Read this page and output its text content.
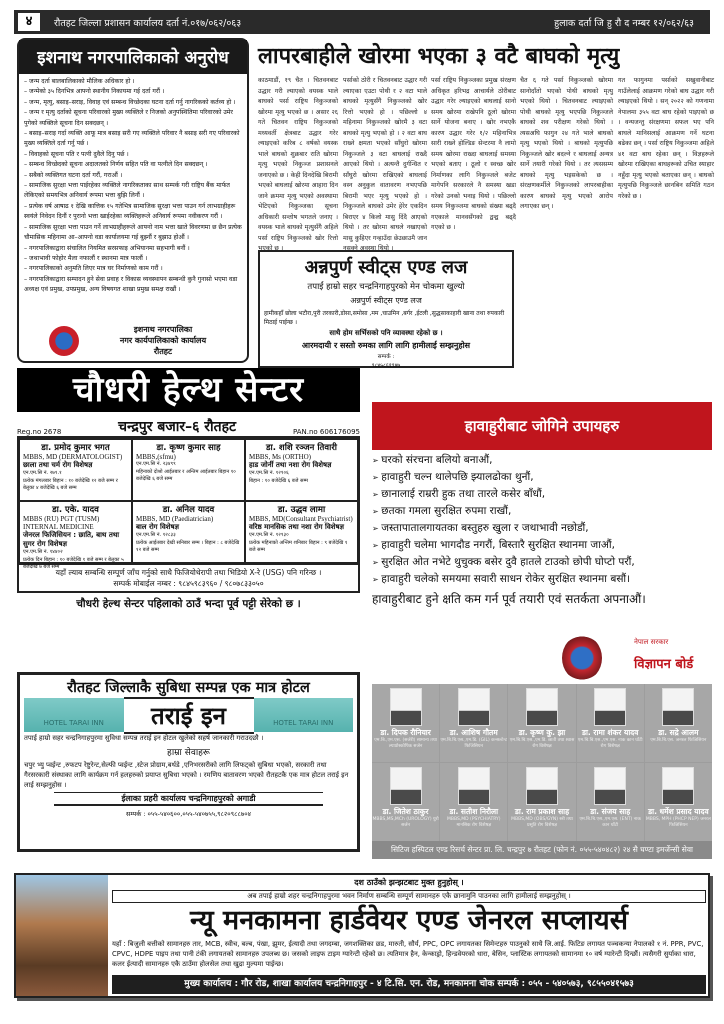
४	रौतहट जिल्ला प्रशासन कार्यालय दर्ता नं.०१७/०६२/०६३	हुलाक दर्ता जि हु रौ द नम्बर १२/०६२/६३
इशनाथ नगरपालिकाको अनुरोध
– जन्म दर्ता बालबालिकाको मौलिक अधिकार हो ।
– जन्मेको ३५ दिनभित्र आफ्नो स्थानीय निकायमा गई दर्ता गरौं ।
– जन्म, मृत्यु, बसाइ–सराइ, विवाह एवं सम्बन्ध विच्छेदका घटना दर्ता गर्नु नागरिकको कर्तव्य हो ।
– जन्म र मृत्यु दर्ताको सूचना परिवारको मुख्य व्यक्तिले र निजको अनुपस्थितिमा परिवारको उमेर पुगेको व्यक्तिले सूचना दिन सक्दछन् ।
– बसाइ–सराइ गर्दा व्यक्ति आफू मात्र बसाइ सरी गए व्यक्तिले परिवार नै बसाइ सरी गए परिवारको मुख्य व्यक्तिले दर्ता गर्नु पर्छ ।
– विवाहको सूचना पति र पत्नी दुवैले दिनु पर्छ ।
– सम्बन्ध विच्छेदको सूचना अदालतको निर्णय सहित पति वा पत्नीले दिन सक्दछन् ।
– सबैको व्यक्तिगत घटना दर्ता गरौं, गराऔं ।
– सामाजिक सुरक्षा भत्ता पाईरहेका व्यक्तिले नागरिकताका साथ सम्पर्क गरी राष्ट्रिय बैंक मार्फत लेकिएको समयभित्र अनिवार्य रूपमा भत्ता बुझि लिनौं ।
– प्रत्येक वर्ष आषाढ १ देखि कात्तिक १५ गतेभित्र सामाजिक सुरक्षा भत्ता पाउन गर्न लाभग्राहीहरू स्वयंले निवेदन दिनौं र पुरानो भत्ता खाईरहेका व्यक्तिहरूले अनिवार्य रूपमा नवीकरण गरौं ।
– सामाजिक सुरक्षा भत्ता पाउन गर्ने लाभग्राहीहरूले आफ्नो नाम भत्ता खाते विवरणमा छ छैन प्रत्येक चौमासिक महिनामा आ–आफ्नो वडा कार्यालयमा गई बुझ्नौं र बुझाउ होऔं ।
– नगरपालिकाद्वारा संचालित नियमित सरसफाइ अभियानमा सहभागी बनौं ।
– जथाभावी फोहोर मैला नफालौं र स्थानमा मात्र फालौं ।
– नगरपालिकाको अनुमति लिएर मात्र घर निर्माणको काम गरौं ।
– नगरपालिकाद्वारा सम्पादन हुने सेवा प्रवाह र विकास व्यवस्थापन सम्बन्धी कुनै गुनासो भएमा वडा अध्यक्ष एवं प्रमुख, उपप्रमुख, अन्य विषयगत शाखा प्रमुख समक्ष राखौं ।
इशनाथ नगरपालिका
नगर कार्यपालिकाको कार्यालय
रौतहट
लापरबाहीले खोरमा भएका ३ वटै बाघको मृत्यु
काठमाडौं, १९ चैत । चितवनबाट उद्धार गरी ल्याएको वयस्क भाले बाघको पर्सा राष्ट्रिय निकुञ्जको खोरमा मृत्यु भएको छ । असार २६ गते चितवन राष्ट्रिय निकुञ्जको मध्यवर्ती क्षेत्रबाट उद्धार गरेर ल्याइएको करिब ८ वर्षको वयस्क भाले बाघको शुक्रबार राति खोरमा मृत्यु भएको निकुञ्ज प्रशासनले जनाएको छ । केही दिनदेखि बिरामी भएको बाघलाई खोरमा आहारा दिन जाने क्रममा मृत्यु भएको अवस्थामा भेटिएको निकुञ्जका सूचना अधिकारी सन्तोष भगतले जनाए । वयस्क भाले बाघको मृत्युसँगै अहिले पर्सा राष्ट्रिय निकुञ्जको खोर रित्तो भएको छ ।
पर्साको ठोरी र चितवनबाट उद्धार गरी ल्याएका एउटा पोथी र २ वटा भाले बाघको मृत्युसँगै निकुञ्जको खोर रित्तो भएको हो । पछिल्लो ४ महिनामा निकुञ्जको खोरमै ३ वटा बाघको मृत्यु भएको हो । २ वटा बाघ राख्ने क्षमता भएको साँघुरो खोरमा निकुञ्जले ३ वटा बाघलाई राख्दै आएको थियो । अत्यन्तै दुर्गन्धित र साँघुरो खोरमा राखिएको बाघलाई वस्न अनुकुल वातावरण नभएपछि बिरामी भएर मृत्यु भएको हो । निकुञ्जले बाघको उमेर हेरेर एकदिन बिराएर ४ किलो मासु दिंदै आएको थियो । तर खोरमा बाघले नखाएको मासु कुहिएर गन्हाउँदा छेउछाउमै जान नसक्ने अवस्था थियो ।
पर्सा राष्ट्रिय निकुञ्जका प्रमुख संरक्षण अधिकृत हरिभद्र आचार्यले ठोरीबाट उद्धार गरेर ल्याइएको बाघलाई सानो समय खोरमा राखेपनि ठूलो खोरमा सार्ने योजना बनाए । खोर नभएकै कारण उद्धार गरेर १/२ महिनाभित्र सारी राख्ने होल्डिङ सेन्टरमा नै लामो समय खोरमा राख्दा बाघलाई समस्या भएको बताए । ठूलो र स्वच्छ खोर निर्माणका लागि निकुञ्जले बजेट मागेपनि सरकारले नै समस्या खडा गरेको उनको भनाइ थियो । पछिल्लो समय निकुञ्जमा बाघको संख्या बढ्दै गएकाले मानवसँगको द्वन्द्व बढ्दै गएको छ ।
चैत ६ गते पर्सा निकुञ्जको खोरमा सानोदाँतो भएको पोथी बाघको मृत्यु भएको थियो । चितवनबाट ल्याइएको पोथी बाघको मृत्यु भएपछि निकुञ्जले बाघको शव परीक्षण गरेको थियो । त्यसअघि फागुन २४ गते भाले बाघको मृत्यु भएको थियो । बाघको मृत्युपछि निकुञ्जले खोर बदल्ने र बाघलाई अन्यत्र सार्ने तयारी गरेको थियो । तर त्यससम्म बाघको मृत्यु भइसकेको छ । संरक्षणकर्मीले निकुञ्जको लापरबाहीका कारण बाघको मृत्यु भएको आरोप लगाएका छन् ।
गत फागुनमा पर्साको सखुवानीबाट गाउँलेलाई आक्रमण गरेको बाघ उद्धार गरी ल्याइएको थियो । सन् २०२२ को गणनामा नेपालमा ३५५ वटा बाघ रहेको पाइएको छ । वन्यजन्तु संरक्षणमा सफल भए पनि बाघले मानिसलाई आक्रमण गर्ने घटना बढेका छन् । पर्सा राष्ट्रिय निकुञ्जमा अहिले ४१ वटा बाघ रहेका छन् । विज्ञहरूले खोरमा राखिएका बाघहरूको उचित स्याहार नहुँदा मृत्यु भएको बताएका छन् । बाघको मृत्युपछि निकुञ्जले छानबिन समिति गठन गरेको छ ।
अन्नपुर्ण स्वीट्स एण्ड लज
तपाईं हाम्रो सहर चन्द्रनिगाहपुरको मेन चोकमा खुल्यो
अन्नपुर्ण स्वीट्स एण्ड लज
हामीकहाँ छोला भटौरा,पुरी तरकारी,डोसा,समोसा ,मम ,चाउमिन ,बर्गर ,ईटली ,सुद्धसाकाहारी खाना तथा रुपकारी मिठाई पाईन्छ ।
साथै होम सर्भिसको पनि व्यावस्था रहेको छ ।
आरमदायी र सस्तो रुमका लागि लागि हामीलाई सम्झनुहोस
सम्पर्क :
९८४५८६१९४७
चौधरी हेल्थ सेन्टर
Reg.no 2678	चन्द्रपुर बजार–६ रौतहट	PAN.no 606176095
डा. प्रमोद कुमार भगत
MBBS, MD (DERMATOLOGIST)
छाला तथा चर्म रोग विशेषज्ञ
एन.एम.सि नं. २७९.१
प्रत्येक मंगलबार बिहान : १० बजेदेखि १२ बजे सम्म र बेलुका ४ बजेदेखि ६ बजे सम्म
डा. कृष्ण कुमार साह
MBBS,(sfmu)
एन.एम.सि नं. २३४९९
महिनाको दोश्रो आईतबार र अन्तिम आईतबार बिहान १० बजेदेखि ६ बजे सम्म
डा. शशि रञ्जन तिवारी
MBBS, Ms (ORTHO)
हाड जोर्नी तथा नशा रोग विशेषज्ञ
एन.एम.सि नं. १२९०६
बिहान : १० बजेदेखि ६ बजे सम्म
डा. एके. यादव
MBBS (RU) PGT (TUSM) INTERNAL MEDICINE
जेनरल फिजिसियन : छाति, बाथ तथा सुगर रोग विशेषज्ञ
एन.एम.सि नं. १४४०२
प्रत्येक दिन बिहान : १० बजेदेखि १ बजे सम्म र बेलुका ५ बजेदेखि ७ बजे सम्म
डा. अनिल यादव
MBBS, MD (Paediatrician)
बाल रोग विशेषज्ञ
एन.एम.सि नं. १२८३३
प्रत्येक आईतबार देखी सनिबार सम्म । बिहान : ८ बजेदेखि १२ बजे सम्म
डा. उद्धव लामा
MBBS, MD(Consultant Psychiatrist)
वरिष्ठ मानसिक तथा नशा रोग विशेषज्ञ
एन.एम.सि नं. १२९३०
प्रत्येक महिनाको अन्तिम शनिबार बिहान : ९ बजेदेखि १ बजे सम्म
यहाँ ल्याब सम्बन्धि सम्पूर्ण जाँच गर्नुको साथै फिजियोथेरापी तथा भिडियो X-रे (USG) पनि गरिन्छ ।
सम्पर्क मोबाईल नम्बर : ९८४५९८३९६० / ९८०७८३३०५०
चौधरी हेल्थ सेन्टर पहिलाको ठाउँ भन्दा पूर्व पट्टी सेरेको छ ।
हावाहुरीबाट जोगिने उपायहरु
➢ घरको संरचना बलियो बनाऔं,
➢ हावाहुरी चल्न थालेपछि झ्यालढोका थुनौं,
➢ छानालाई राम्ररी हुक तथा तारले कसेर बाँधौं,
➢ छतका गमला सुरक्षित रुपमा राखौं,
➢ जस्तापातालगायतका बस्तुहरु खुला र जथाभावी नछोडौं,
➢ हावाहुरी चलेमा भागदौड नगरौं, बिस्तारै सुरक्षित स्थानमा जाऔं,
➢ सुरक्षित ओत नभेटे थुचुक्क बसेर दुवै हातले टाउको छोपी घोप्टो परौं,
➢ हावाहुरी चलेको समयमा सवारी साधन रोकेर सुरक्षित स्थानमा बसौं।
हावाहुरीबाट हुने क्षति कम गर्न पूर्व तयारी एवं सतर्कता अपनाऔं।
रौतहट जिल्लाकै सुबिधा सम्पन्न एक मात्र होटल
HOTEL TARAI INN	तराई इन	HOTEL TARAI INN
तपाई हाम्रो सहर चन्द्रनिगाहपुरमा सुविधा सम्पन्न तराई इन होटल खुलेको सहर्ष जानकारी गराउदछौ ।
हाम्रा सेवाहरू
चपुर भ्यु प्वईन्ट ,रुफटप रेष्टुरेन्ट,सेल्फी प्वईन्ट ,स्टेज प्रोग्राम,बर्थडे ,एनिभरसरीको लागि लिफट्को सुबिधा भएको, सरकारी तथा गैरसरकारी संस्थाका लागि कार्यक्रम गर्न हलहरुको प्रयाप्त सुबिधा भएको । रमणिय बातावरण भएको रौतहटकै एक मात्र होटल तराई इन लाई सम्झनुहोस ।
ईलाका प्रहरी कार्यालय चन्द्रनिगाहपुरको अगाडी
सम्पर्क : ०५५-५४०६००,०५५-५४०७५५,९८२०९८८७०४
नेपाल सरकार
विज्ञापन बोर्ड
डा. दिपक रौनियार
एम.बि.,एम.एस. (सर्जरी) सामान्य तथा ल्याप्रोस्कोपिक सर्जन
डा. आशिष गौतम
एम.बि.बि.एस.,एम.डि. (GIL) कन्सल्टेन्ट फिजिसियन
डा. कृष्ण कु. झा
एम.बि.बि.एस.,एम.डि. छाती तथा श्वास रोग विशेषज्ञ
डा. रामा शंकर यादव
एम.बि.बि.एस.,एम.एस. नाक कान घाँटी रोग विशेषज्ञ
डा. सद्रे आलम
एम.बि.बि.एस. जनरल फिजिसियन
डा. जितेश ठाकुर
MBBS,MS,MCh (UROLOGY) युरो सर्जन
डा. सतीश निरौला
MBBS,MD (PSYCHIATRY) मानसिक रोग विशेषज्ञ
डा. राम प्रकाश साह
MBBS,MD (OBS/GYN) स्त्री तथा प्रसूति रोग विशेषज्ञ
डा. संजय साह
एम.बि.बि.एस.,एम.एस. (ENT) नाक कान घाँटी
डा. धर्मेश प्रसाद यादव
MBBS, MPH (PHCP NEP) जनरल फिजिसियन
सिटिज हस्पिटल एण्ड रिसर्च सेन्टर प्रा. लि. चन्द्रपुर ७ रौतहट (फोन नं. ०५५-५४०४८२) २४ सै घण्टा इमर्जेन्सी सेवा
दश ठाउँको झन्झटबाट मुक्त हुनुहोस् ।
अब तपाई हाम्रो शहर चन्द्रनिगाहपुरमा भवन निर्माण सम्बन्धि सम्पूर्ण सामानहरु एकै छानामुनि पाउनका लागि हामीलाई सम्झनुहोस् ।
न्यू मनकामना हार्डवेयर एण्ड जेनरल सप्लायर्स
यहाँ : बिजुली बत्तीको सामानहरु तार, MCB, स्वीच, बल्ब, पंखा, झुमर, ईत्यादी तथा जगदम्बा, जगशक्तिका छड, मारुती, सौर्य, PPC, OPC लगायतका सिमेन्टहरु पाउनुको साथै जि.आई. फिटिङ लगायत पञ्चकन्या नेपालको १ नं. PPR, PVC, CPVC, HDPE पाइप तथा पानी टंकी लगायतको सामानहरु उपलब्ध छ। जसको लाइफ टाइम ग्यारेन्टी रहेको छ। त्यतिमात्र हैन, केन्काड्रो, हिन्डवेयरको धारा, बेसिन, प्लास्टिक लगायतको सामानमा १० वर्ष ग्यारेन्टी दिन्छौं। त्यसैगरी सुर्याका धारा, कलर ईत्यादी सामानहरु एकै ठाउँमा होलसेल तथा खुद्रा मुल्यमा पाईन्छ।
मुख्य कार्यालय : गौर रोड, शाखा कार्यालय चन्द्रनिगाहपुर - ४ टि.सि. एन. रोड, मनकामना चोक सम्पर्क : ०५५ - ५४०५७३, ९८५५०४१५७३
